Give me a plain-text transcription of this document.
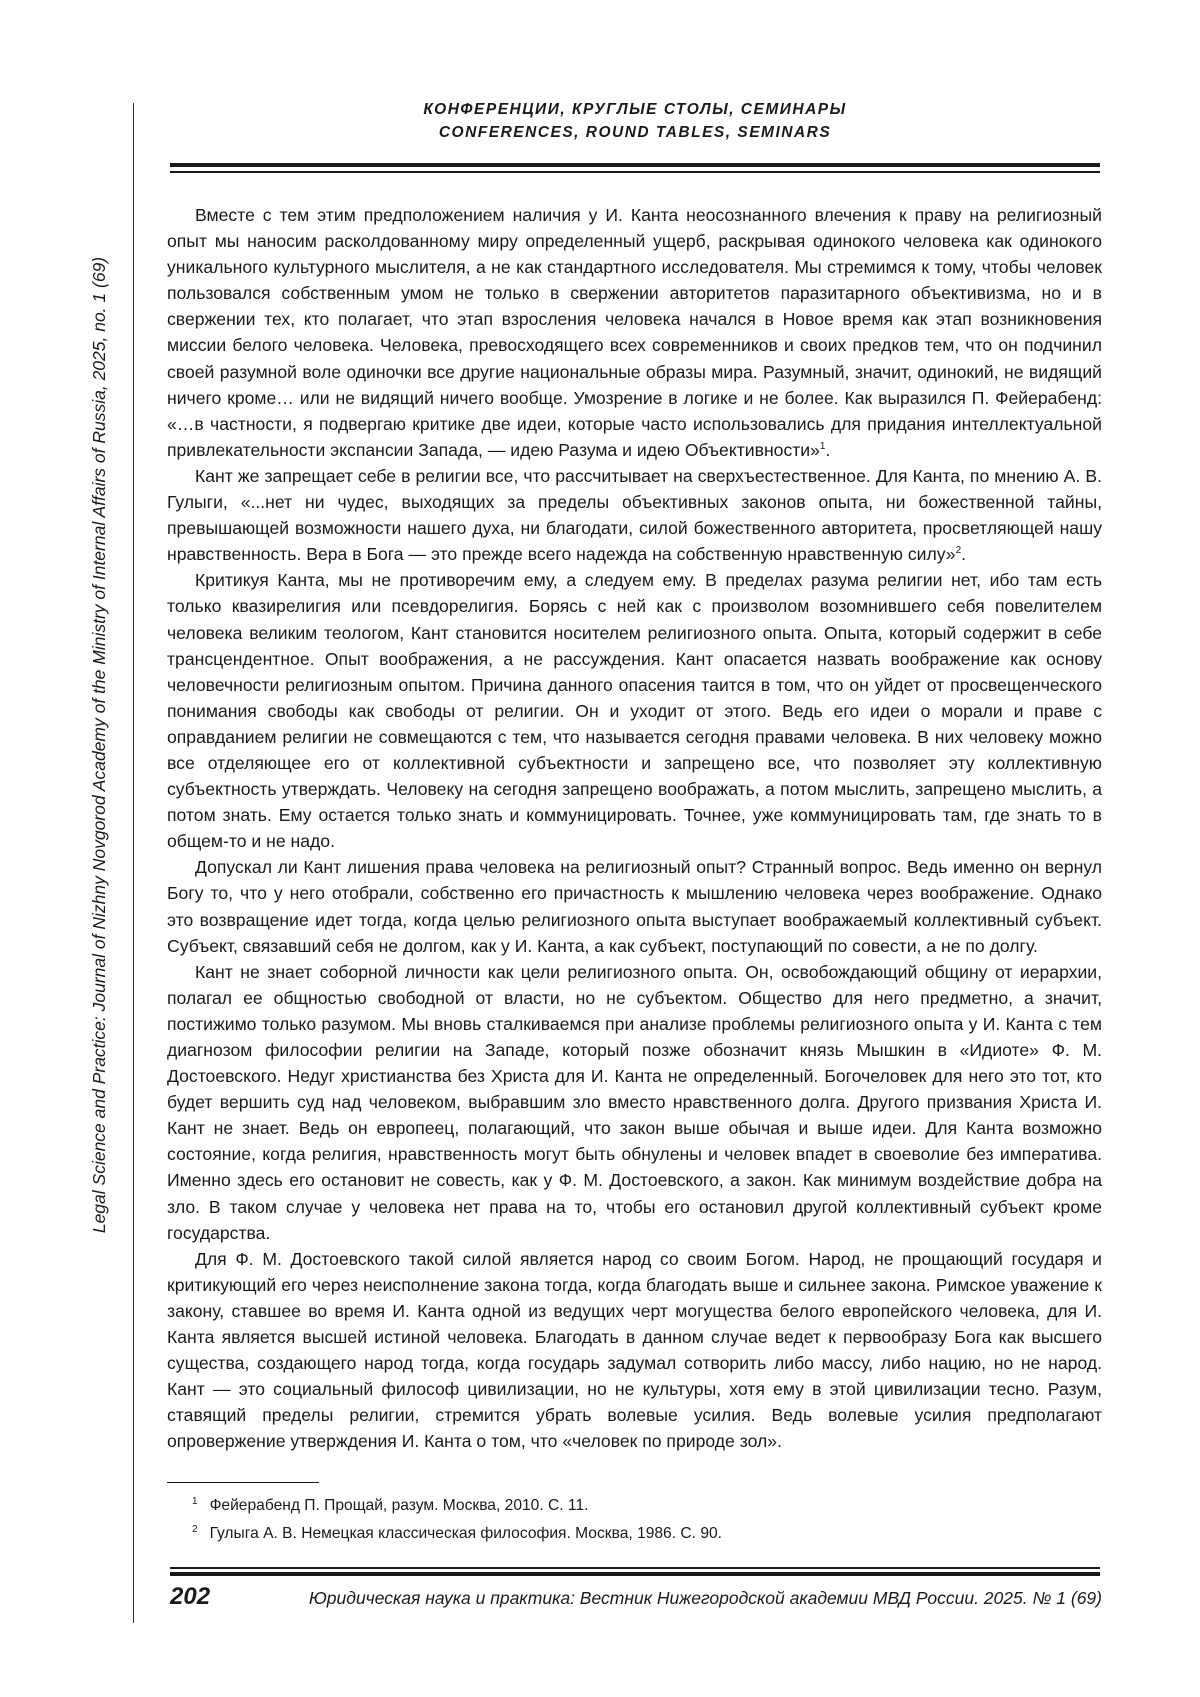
Legal Science and Practice: Journal of Nizhny Novgorod Academy of the Ministry of Internal Affairs of Russia, 2025, no. 1 (69)
КОНФЕРЕНЦИИ, КРУГЛЫЕ СТОЛЫ, СЕМИНАРЫ
CONFERENCES, ROUND TABLES, SEMINARS

Вместе с тем этим предположением наличия у И. Канта неосознанного влечения к праву на религиозный опыт мы наносим расколдованному миру определенный ущерб, раскрывая одинокого человека как одинокого уникального культурного мыслителя, а не как стандартного исследователя. Мы стремимся к тому, чтобы человек пользовался собственным умом не только в свержении авторитетов паразитарного объективизма, но и в свержении тех, кто полагает, что этап взросления человека начался в Новое время как этап возникновения миссии белого человека. Человека, превосходящего всех современников и своих предков тем, что он подчинил своей разумной воле одиночки все другие национальные образы мира. Разумный, значит, одинокий, не видящий ничего кроме… или не видящий ничего вообще. Умозрение в логике и не более. Как выразился П. Фейерабенд: «…в частности, я подвергаю критике две идеи, которые часто использовались для придания интеллектуальной привлекательности экспансии Запада, — идею Разума и идею Объективности»$^1$.

Кант же запрещает себе в религии все, что рассчитывает на сверхъестественное. Для Канта, по мнению А. В. Гулыги, «...нет ни чудес, выходящих за пределы объективных законов опыта, ни божественной тайны, превышающей возможности нашего духа, ни благодати, силой божественного авторитета, просветляющей нашу нравственность. Вера в Бога — это прежде всего надежда на собственную нравственную силу»$^2$.

Критикуя Канта, мы не противоречим ему, а следуем ему. В пределах разума религии нет, ибо там есть только квазирелигия или псевдорелигия. Борясь с ней как с произволом возомнившего себя повелителем человека великим теологом, Кант становится носителем религиозного опыта. Опыта, который содержит в себе трансцендентное. Опыт воображения, а не рассуждения. Кант опасается назвать воображение как основу человечности религиозным опытом. Причина данного опасения таится в том, что он уйдет от просвещенческого понимания свободы как свободы от религии. Он и уходит от этого. Ведь его идеи о морали и праве с оправданием религии не совмещаются с тем, что называется сегодня правами человека. В них человеку можно все отделяющее его от коллективной субъектности и запрещено все, что позволяет эту коллективную субъектность утверждать. Человеку на сегодня запрещено воображать, а потом мыслить, запрещено мыслить, а потом знать. Ему остается только знать и коммуницировать. Точнее, уже коммуницировать там, где знать то в общем-то и не надо.

Допускал ли Кант лишения права человека на религиозный опыт? Странный вопрос. Ведь именно он вернул Богу то, что у него отобрали, собственно его причастность к мышлению человека через воображение. Однако это возвращение идет тогда, когда целью религиозного опыта выступает воображаемый коллективный субъект. Субъект, связавший себя не долгом, как у И. Канта, а как субъект, поступающий по совести, а не по долгу.

Кант не знает соборной личности как цели религиозного опыта. Он, освобождающий общину от иерархии, полагал ее общностью свободной от власти, но не субъектом. Общество для него предметно, а значит, постижимо только разумом. Мы вновь сталкиваемся при анализе проблемы религиозного опыта у И. Канта с тем диагнозом философии религии на Западе, который позже обозначит князь Мышкин в «Идиоте» Ф. М. Достоевского. Недуг христианства без Христа для И. Канта не определенный. Богочеловек для него это тот, кто будет вершить суд над человеком, выбравшим зло вместо нравственного долга. Другого призвания Христа И. Кант не знает. Ведь он европеец, полагающий, что закон выше обычая и выше идеи. Для Канта возможно состояние, когда религия, нравственность могут быть обнулены и человек впадет в своеволие без императива. Именно здесь его остановит не совесть, как у Ф. М. Достоевского, а закон. Как минимум воздействие добра на зло. В таком случае у человека нет права на то, чтобы его остановил другой коллективный субъект кроме государства.

Для Ф. М. Достоевского такой силой является народ со своим Богом. Народ, не прощающий государя и критикующий его через неисполнение закона тогда, когда благодать выше и сильнее закона. Римское уважение к закону, ставшее во время И. Канта одной из ведущих черт могущества белого европейского человека, для И. Канта является высшей истиной человека. Благодать в данном случае ведет к первообразу Бога как высшего существа, создающего народ тогда, когда государь задумал сотворить либо массу, либо нацию, но не народ. Кант — это социальный философ цивилизации, но не культуры, хотя ему в этой цивилизации тесно. Разум, ставящий пределы религии, стремится убрать волевые усилия. Ведь волевые усилия предполагают опровержение утверждения И. Канта о том, что «человек по природе зол».

$^1$ Фейерабенд П. Прощай, разум. Москва, 2010. С. 11.
$^2$ Гулыга А. В. Немецкая классическая философия. Москва, 1986. С. 90.
202	Юридическая наука и практика: Вестник Нижегородской академии МВД России. 2025. № 1 (69)
